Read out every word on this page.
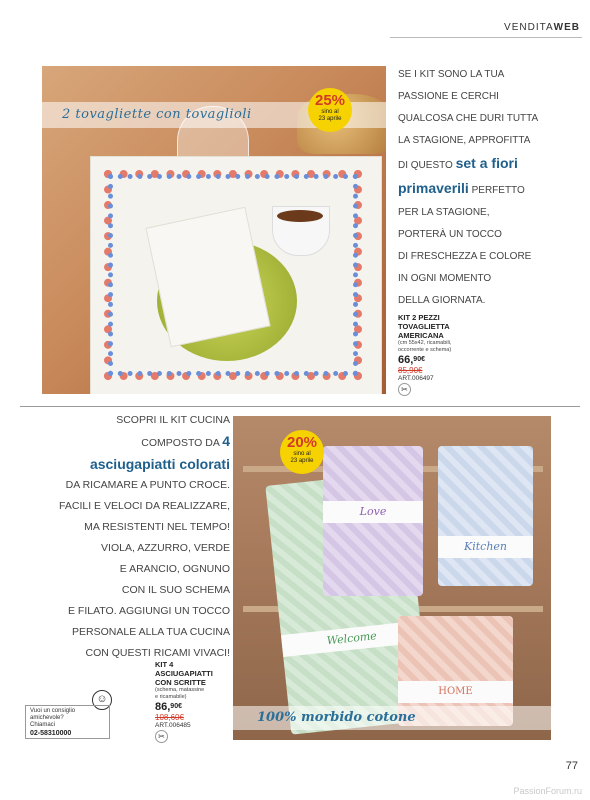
VENDITAWEB
2 tovagliette con tovaglioli
25%
sino al
23 aprile
SE I KIT SONO LA TUA
PASSIONE E CERCHI
QUALCOSA CHE DURI TUTTA
LA STAGIONE, APPROFITTA
DI QUESTO set a fiori
primaverili PERFETTO
PER LA STAGIONE,
PORTERÀ UN TOCCO
DI FRESCHEZZA E COLORE
IN OGNI MOMENTO
DELLA GIORNATA.
KIT 2 PEZZI
TOVAGLIETTA
AMERICANA
(cm 55x42, ricamabili,
occorrente e schema)
66,$^{90€}$
85,90€
ART.006497
✂
SCOPRI IL KIT CUCINA
COMPOSTO DA 4
asciugapiatti colorati
DA RICAMARE A PUNTO CROCE.
FACILI E VELOCI DA REALIZZARE,
MA RESISTENTI NEL TEMPO!
VIOLA, AZZURRO, VERDE
E ARANCIO, OGNUNO
CON IL SUO SCHEMA
E FILATO. AGGIUNGI UN TOCCO
PERSONALE ALLA TUA CUCINA
CON QUESTI RICAMI VIVACI!
Welcome
Love
Kitchen
HOME
20%
sino al
23 aprile
100% morbido cotone
KIT 4
ASCIUGAPIATTI
CON SCRITTE
(schema, matassine
e ricamabile)
86,$^{90€}$
108,60€
ART.006485
✂
☺
Vuoi un consiglio
amichevole?
Chiamaci
02-58310000
77
PassionForum.ru
